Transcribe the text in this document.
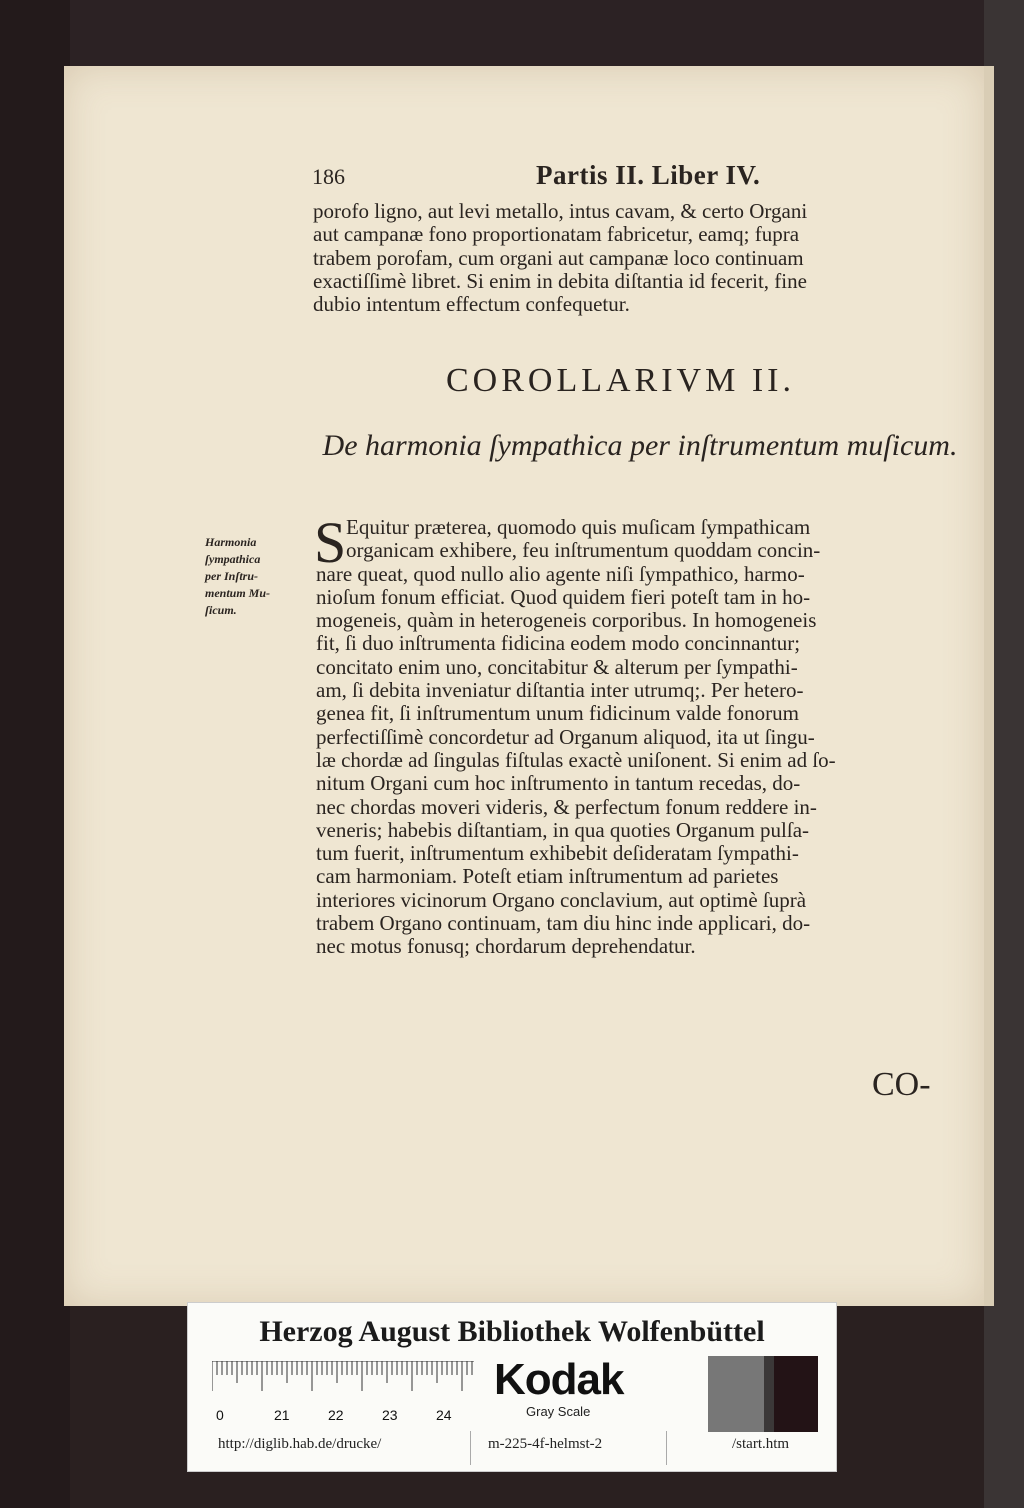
186	Partis II. Liber IV.
porofo ligno, aut levi metallo, intus cavam, & certo Organi
aut campanæ fono proportionatam fabricetur, eamq; fupra
trabem porofam, cum organi aut campanæ loco continuam
exactiſſimè libret. Si enim in debita diſtantia id fecerit, fine
dubio intentum effectum confequetur.
COROLLARIVM II.
De harmonia ſympathica per inſtrumentum muſicum.
Harmonia
ſympathica
per Inſtru-
mentum Mu-
ſicum.
S Equitur præterea, quomodo quis muſicam ſympathicam
organicam exhibere, feu inſtrumentum quoddam concin-
nare queat, quod nullo alio agente niſi ſympathico, harmo-
nioſum fonum efficiat. Quod quidem fieri poteſt tam in ho-
mogeneis, quàm in heterogeneis corporibus. In homogeneis
fit, ſi duo inſtrumenta fidicina eodem modo concinnantur;
concitato enim uno, concitabitur & alterum per ſympathi-
am, ſi debita inveniatur diſtantia inter utrumq;. Per hetero-
genea fit, ſi inſtrumentum unum fidicinum valde fonorum
perfectiſſimè concordetur ad Organum aliquod, ita ut ſingu-
læ chordæ ad ſingulas fiſtulas exactè uniſonent. Si enim ad ſo-
nitum Organi cum hoc inſtrumento in tantum recedas, do-
nec chordas moveri videris, & perfectum fonum reddere in-
veneris; habebis diſtantiam, in qua quoties Organum pulſa-
tum fuerit, inſtrumentum exhibebit deſideratam ſympathi-
cam harmoniam. Poteſt etiam inſtrumentum ad parietes
interiores vicinorum Organo conclavium, aut optimè ſuprà
trabem Organo continuam, tam diu hinc inde applicari, do-
nec motus fonusq; chordarum deprehendatur.
CO-
Herzog August Bibliothek Wolfenbüttel
0	21	22	23	24
Kodak
Gray Scale
http://diglib.hab.de/drucke/	m-225-4f-helmst-2	/start.htm
